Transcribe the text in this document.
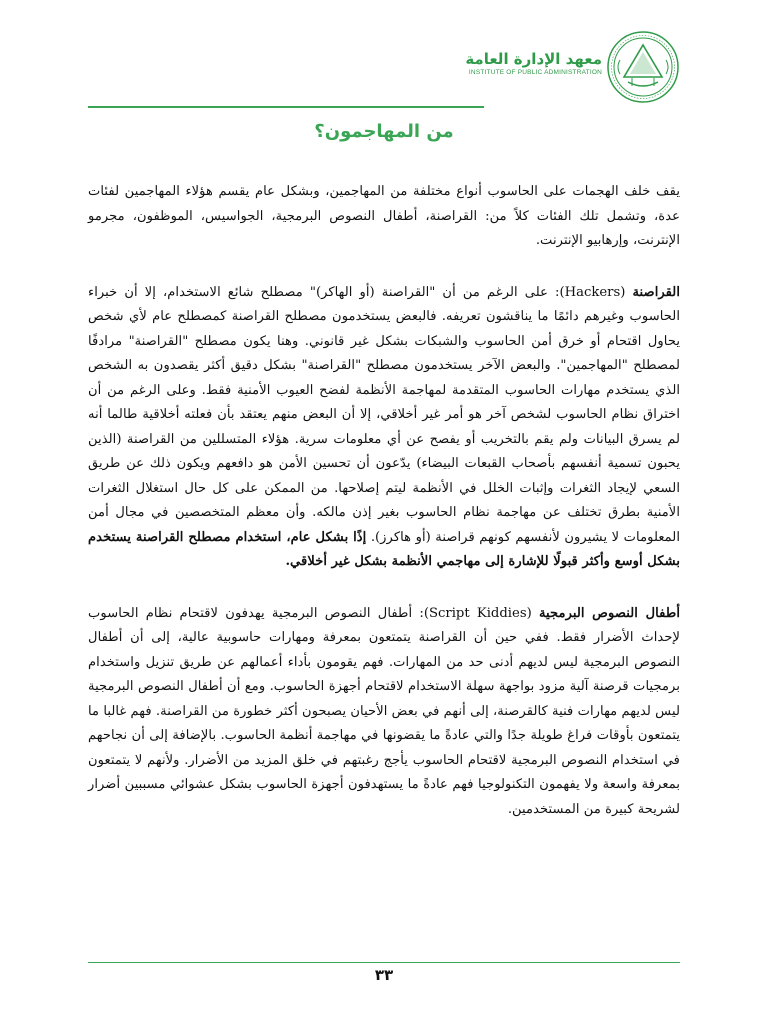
معهد الإدارة العامة
INSTITUTE OF PUBLIC ADMINISTRATION
من المهاجمون؟

يقف خلف الهجمات على الحاسوب أنواع مختلفة من المهاجمين، وبشكل عام يقسم هؤلاء المهاجمين لفئات عدة، وتشمل تلك الفئات كلاً من: القراصنة، أطفال النصوص البرمجية، الجواسيس، الموظفون، مجرمو الإنترنت، وإرهابيو الإنترنت.

القراصنة (Hackers): على الرغم من أن "القراصنة (أو الهاكر)" مصطلح شائع الاستخدام، إلا أن خبراء الحاسوب وغيرهم دائمًا ما يناقشون تعريفه. فالبعض يستخدمون مصطلح القراصنة كمصطلح عام لأي شخص يحاول اقتحام أو خرق أمن الحاسوب والشبكات بشكل غير قانوني. وهنا يكون مصطلح "القراصنة" مرادفًا لمصطلح "المهاجمين". والبعض الآخر يستخدمون مصطلح "القراصنة" بشكل دقيق أكثر يقصدون به الشخص الذي يستخدم مهارات الحاسوب المتقدمة لمهاجمة الأنظمة لفضح العيوب الأمنية فقط. وعلى الرغم من أن اختراق نظام الحاسوب لشخص آخر هو أمر غير أخلاقي، إلا أن البعض منهم يعتقد بأن فعلته أخلاقية طالما أنه لم يسرق البيانات ولم يقم بالتخريب أو يفصح عن أي معلومات سرية. هؤلاء المتسللين من القراصنة (الذين يحبون تسمية أنفسهم بأصحاب القبعات البيضاء) يدّعون أن تحسين الأمن هو دافعهم ويكون ذلك عن طريق السعي لإيجاد الثغرات وإثبات الخلل في الأنظمة ليتم إصلاحها. من الممكن على كل حال استغلال الثغرات الأمنية بطرق تختلف عن مهاجمة نظام الحاسوب بغير إذن مالكه. وأن معظم المتخصصين في مجال أمن المعلومات لا يشيرون لأنفسهم كونهم قراصنة (أو هاكرز). إذًا بشكل عام، استخدام مصطلح القراصنة يستخدم بشكل أوسع وأكثر قبولًا للإشارة إلى مهاجمي الأنظمة بشكل غير أخلاقي.

أطفال النصوص البرمجية (Script Kiddies): أطفال النصوص البرمجية يهدفون لاقتحام نظام الحاسوب لإحداث الأضرار فقط. ففي حين أن القراصنة يتمتعون بمعرفة ومهارات حاسوبية عالية، إلى أن أطفال النصوص البرمجية ليس لديهم أدنى حد من المهارات. فهم يقومون بأداء أعمالهم عن طريق تنزيل واستخدام برمجيات قرصنة آلية مزود بواجهة سهلة الاستخدام لاقتحام أجهزة الحاسوب. ومع أن أطفال النصوص البرمجية ليس لديهم مهارات فنية كالقرصنة، إلى أنهم في بعض الأحيان يصبحون أكثر خطورة من القراصنة. فهم غالبا ما يتمتعون بأوقات فراغ طويلة جدًا والتي عادةً ما يقضونها في مهاجمة أنظمة الحاسوب. بالإضافة إلى أن نجاحهم في استخدام النصوص البرمجية لاقتحام الحاسوب يأجج رغبتهم في خلق المزيد من الأضرار. ولأنهم لا يتمتعون بمعرفة واسعة ولا يفهمون التكنولوجيا فهم عادةً ما يستهدفون أجهزة الحاسوب بشكل عشوائي مسببين أضرار لشريحة كبيرة من المستخدمين.

٣٣
